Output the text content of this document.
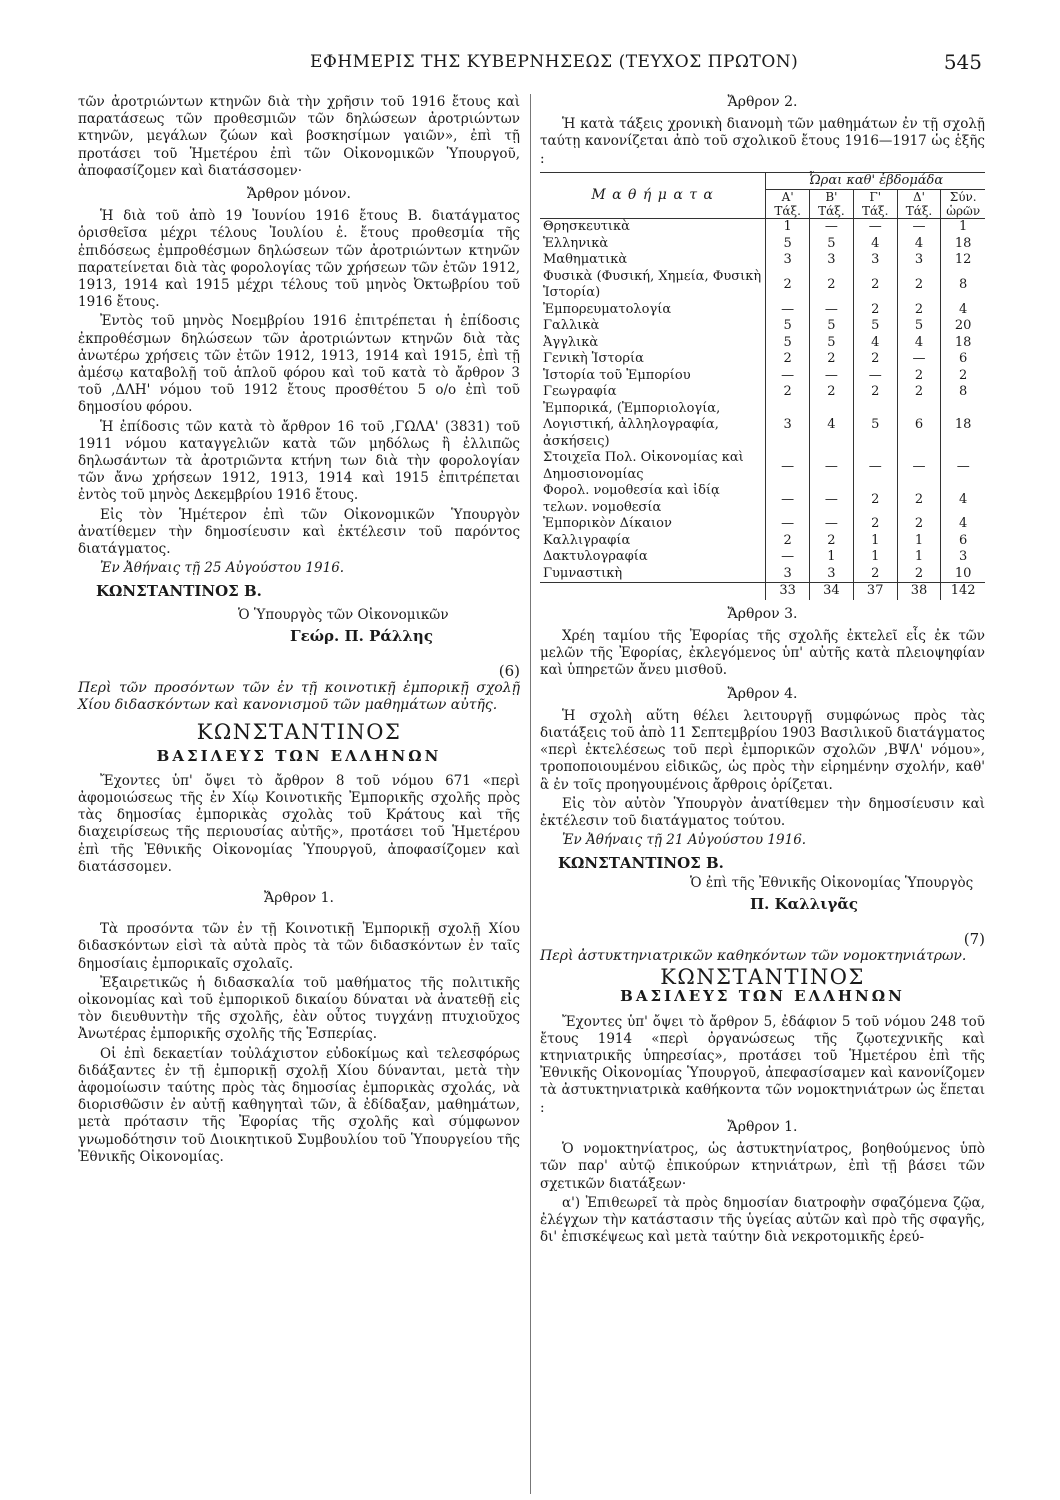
ΕΦΗΜΕΡΙΣ ΤΗΣ ΚΥΒΕΡΝΗΣΕΩΣ (ΤΕΥΧΟΣ ΠΡΩΤΟΝ)	545

τῶν ἀροτριώντων κτηνῶν διὰ τὴν χρῆσιν τοῦ 1916 ἔτους καὶ παρατάσεως τῶν προθεσμιῶν τῶν δηλώσεων ἀροτριώντων κτηνῶν, μεγάλων ζώων καὶ βοσκησίμων γαιῶν», ἐπὶ τῇ προτάσει τοῦ Ἡμετέρου ἐπὶ τῶν Οἰκονομικῶν Ὑπουργοῦ, ἀποφασίζομεν καὶ διατάσσομεν·

Ἄρθρον μόνον.

Ἡ διὰ τοῦ ἀπὸ 19 Ἰουνίου 1916 ἔτους Β. διατάγματος ὁρισθεῖσα μέχρι τέλους Ἰουλίου ἐ. ἔτους προθεσμία τῆς ἐπιδόσεως ἐμπροθέσμων δηλώσεων τῶν ἀροτριώντων κτηνῶν παρατείνεται διὰ τὰς φορολογίας τῶν χρήσεων τῶν ἐτῶν 1912, 1913, 1914 καὶ 1915 μέχρι τέλους τοῦ μηνὸς Ὀκτωβρίου τοῦ 1916 ἔτους.

Ἐντὸς τοῦ μηνὸς Νοεμβρίου 1916 ἐπιτρέπεται ἡ ἐπίδοσις ἐκπροθέσμων δηλώσεων τῶν ἀροτριώντων κτηνῶν διὰ τὰς ἀνωτέρω χρήσεις τῶν ἐτῶν 1912, 1913, 1914 καὶ 1915, ἐπὶ τῇ ἀμέσῳ καταβολῇ τοῦ ἁπλοῦ φόρου καὶ τοῦ κατὰ τὸ ἄρθρον 3 τοῦ ,ΔΛΗ' νόμου τοῦ 1912 ἔτους προσθέτου 5 ο/ο ἐπὶ τοῦ δημοσίου φόρου.

Ἡ ἐπίδοσις τῶν κατὰ τὸ ἄρθρον 16 τοῦ ,ΓΩΛΑ' (3831) τοῦ 1911 νόμου καταγγελιῶν κατὰ τῶν μηδόλως ἢ ἐλλιπῶς δηλωσάντων τὰ ἀροτριῶντα κτήνη των διὰ τὴν φορολογίαν τῶν ἄνω χρήσεων 1912, 1913, 1914 καὶ 1915 ἐπιτρέπεται ἐντὸς τοῦ μηνὸς Δεκεμβρίου 1916 ἔτους.

Εἰς τὸν Ἡμέτερον ἐπὶ τῶν Οἰκονομικῶν Ὑπουργὸν ἀνατίθεμεν τὴν δημοσίευσιν καὶ ἐκτέλεσιν τοῦ παρόντος διατάγματος.

Ἐν Ἀθήναις τῇ 25 Αὐγούστου 1916.

ΚΩΝΣΤΑΝΤΙΝΟΣ Β.
Ὁ Ὑπουργὸς τῶν Οἰκονομικῶν
Γεώρ. Π. Ράλλης
(6)
Περὶ τῶν προσόντων τῶν ἐν τῇ κοινοτικῇ ἐμπορικῇ σχολῇ Χίου διδασκόντων καὶ κανονισμοῦ τῶν μαθημάτων αὐτῆς.
ΚΩΝΣΤΑΝΤΙΝΟΣ
ΒΑΣΙΛΕΥΣ ΤΩΝ ΕΛΛΗΝΩΝ

Ἔχοντες ὑπ' ὄψει τὸ ἄρθρον 8 τοῦ νόμου 671 «περὶ ἀφομοιώσεως τῆς ἐν Χίῳ Κοινοτικῆς Ἐμπορικῆς σχολῆς πρὸς τὰς δημοσίας ἐμπορικὰς σχολὰς τοῦ Κράτους καὶ τῆς διαχειρίσεως τῆς περιουσίας αὐτῆς», προτάσει τοῦ Ἡμετέρου ἐπὶ τῆς Ἐθνικῆς Οἰκονομίας Ὑπουργοῦ, ἀποφασίζομεν καὶ διατάσσομεν.

Ἄρθρον 1.

Τὰ προσόντα τῶν ἐν τῇ Κοινοτικῇ Ἐμπορικῇ σχολῇ Χίου διδασκόντων εἰσὶ τὰ αὐτὰ πρὸς τὰ τῶν διδασκόντων ἐν ταῖς δημοσίαις ἐμπορικαῖς σχολαῖς.

Ἐξαιρετικῶς ἡ διδασκαλία τοῦ μαθήματος τῆς πολιτικῆς οἰκονομίας καὶ τοῦ ἐμπορικοῦ δικαίου δύναται νὰ ἀνατεθῇ εἰς τὸν διευθυντὴν τῆς σχολῆς, ἐὰν οὗτος τυγχάνῃ πτυχιοῦχος Ἀνωτέρας ἐμπορικῆς σχολῆς τῆς Ἑσπερίας.

Οἱ ἐπὶ δεκαετίαν τοὐλάχιστον εὐδοκίμως καὶ τελεσφόρως διδάξαντες ἐν τῇ ἐμπορικῇ σχολῇ Χίου δύνανται, μετὰ τὴν ἀφομοίωσιν ταύτης πρὸς τὰς δημοσίας ἐμπορικὰς σχολάς, νὰ διορισθῶσιν ἐν αὐτῇ καθηγηταὶ τῶν, ἃ ἐδίδαξαν, μαθημάτων, μετὰ πρότασιν τῆς Ἐφορίας τῆς σχολῆς καὶ σύμφωνον γνωμοδότησιν τοῦ Διοικητικοῦ Συμβουλίου τοῦ Ὑπουργείου τῆς Ἐθνικῆς Οἰκονομίας.

Ἄρθρον 2.

Ἡ κατὰ τάξεις χρονικὴ διανομὴ τῶν μαθημάτων ἐν τῇ σχολῇ ταύτῃ κανονίζεται ἀπὸ τοῦ σχολικοῦ ἔτους 1916—1917 ὡς ἑξῆς :

Μ α θ ή μ α τ α	Ὧραι καθ' ἑβδομάδα				
	Α' Τάξ.	Β' Τάξ.	Γ' Τάξ.	Δ' Τάξ.	Σύν. ὡρῶν
Θρησκευτικὰ	1	—	—	—	1
Ἑλληνικὰ	5	5	4	4	18
Μαθηματικὰ	3	3	3	3	12
Φυσικὰ (Φυσική, Χημεία, Φυσικὴ Ἱστορία)	2	2	2	2	8
Ἐμπορευματολογία	—	—	2	2	4
Γαλλικὰ	5	5	5	5	20
Ἀγγλικὰ	5	5	4	4	18
Γενικὴ Ἱστορία	2	2	2	—	6
Ἱστορία τοῦ Ἐμπορίου	—	—	—	2	2
Γεωγραφία	2	2	2	2	8
Ἐμπορικά, (Ἐμποριολογία, Λογιστική, ἀλληλογραφία, ἀσκήσεις)	3	4	5	6	18
Στοιχεῖα Πολ. Οἰκονομίας καὶ Δημοσιονομίας	—	—	—	—	—
Φορολ. νομοθεσία καὶ ἰδίᾳ τελων. νομοθεσία	—	—	2	2	4
Ἐμπορικὸν Δίκαιον	—	—	2	2	4
Καλλιγραφία	2	2	1	1	6
Δακτυλογραφία	—	1	1	1	3
Γυμναστικὴ	3	3	2	2	10
	33	34	37	38	142
Ἄρθρον 3.

Χρέη ταμίου τῆς Ἐφορίας τῆς σχολῆς ἐκτελεῖ εἷς ἐκ τῶν μελῶν τῆς Ἐφορίας, ἐκλεγόμενος ὑπ' αὐτῆς κατὰ πλειοψηφίαν καὶ ὑπηρετῶν ἄνευ μισθοῦ.

Ἄρθρον 4.

Ἡ σχολὴ αὕτη θέλει λειτουργῇ συμφώνως πρὸς τὰς διατάξεις τοῦ ἀπὸ 11 Σεπτεμβρίου 1903 Βασιλικοῦ διατάγματος «περὶ ἐκτελέσεως τοῦ περὶ ἐμπορικῶν σχολῶν ,ΒΨΛ' νόμου», τροποποιουμένου εἰδικῶς, ὡς πρὸς τὴν εἰρημένην σχολήν, καθ' ἃ ἐν τοῖς προηγουμένοις ἄρθροις ὁρίζεται.

Εἰς τὸν αὐτὸν Ὑπουργὸν ἀνατίθεμεν τὴν δημοσίευσιν καὶ ἐκτέλεσιν τοῦ διατάγματος τούτου.

Ἐν Ἀθήναις τῇ 21 Αὐγούστου 1916.

ΚΩΝΣΤΑΝΤΙΝΟΣ Β.
Ὁ ἐπὶ τῆς Ἐθνικῆς Οἰκονομίας Ὑπουργὸς
Π. Καλλιγᾶς
(7)
Περὶ ἀστυκτηνιατρικῶν καθηκόντων τῶν νομοκτηνιάτρων.
ΚΩΝΣΤΑΝΤΙΝΟΣ
ΒΑΣΙΛΕΥΣ ΤΩΝ ΕΛΛΗΝΩΝ

Ἔχοντες ὑπ' ὄψει τὸ ἄρθρον 5, ἐδάφιον 5 τοῦ νόμου 248 τοῦ ἔτους 1914 «περὶ ὀργανώσεως τῆς ζῳοτεχνικῆς καὶ κτηνιατρικῆς ὑπηρεσίας», προτάσει τοῦ Ἡμετέρου ἐπὶ τῆς Ἐθνικῆς Οἰκονομίας Ὑπουργοῦ, ἀπεφασίσαμεν καὶ κανονίζομεν τὰ ἀστυκτηνιατρικὰ καθήκοντα τῶν νομοκτηνιάτρων ὡς ἕπεται :

Ἄρθρον 1.

Ὁ νομοκτηνίατρος, ὡς ἀστυκτηνίατρος, βοηθούμενος ὑπὸ τῶν παρ' αὐτῷ ἐπικούρων κτηνιάτρων, ἐπὶ τῇ βάσει τῶν σχετικῶν διατάξεων·

α') Ἐπιθεωρεῖ τὰ πρὸς δημοσίαν διατροφὴν σφαζόμενα ζῷα, ἐλέγχων τὴν κατάστασιν τῆς ὑγείας αὐτῶν καὶ πρὸ τῆς σφαγῆς, δι' ἐπισκέψεως καὶ μετὰ ταύτην διὰ νεκροτομικῆς ἐρεύ-
